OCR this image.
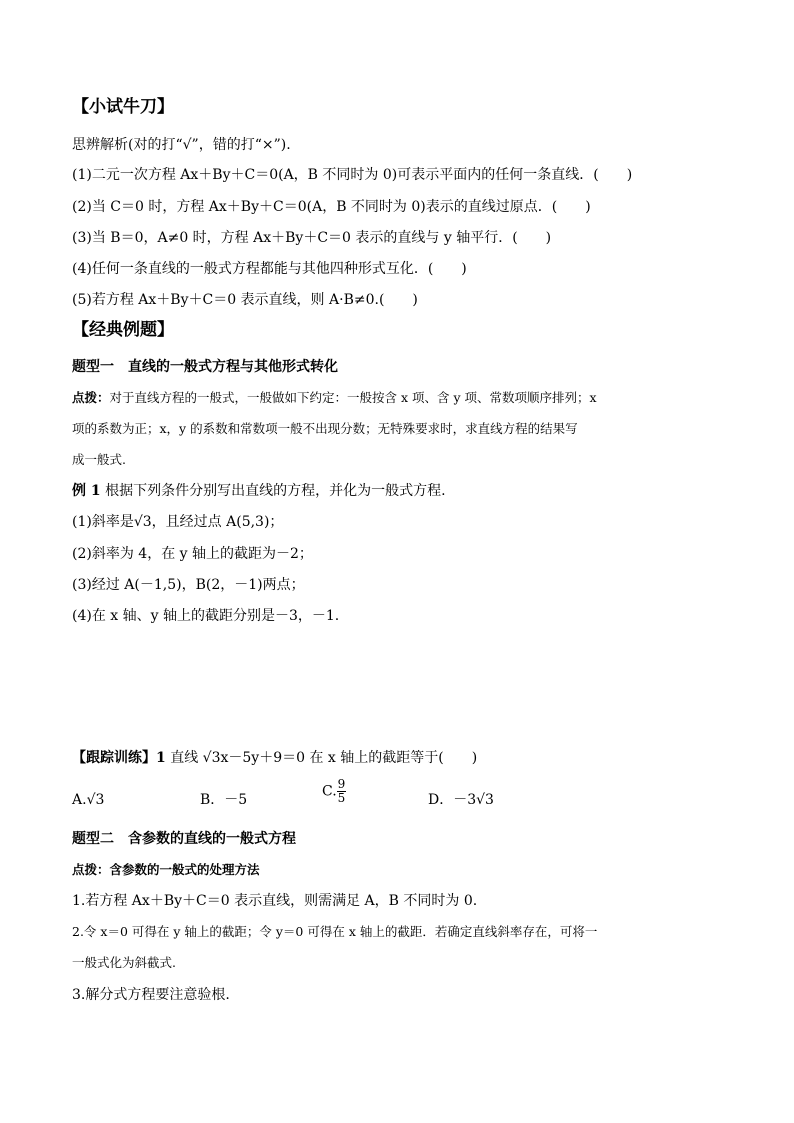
【小试牛刀】
思辨解析(对的打“√”，错的打“×”).
(1)二元一次方程 Ax＋By＋C＝0(A，B 不同时为 0)可表示平面内的任何一条直线．(　　)
(2)当 C＝0 时，方程 Ax＋By＋C＝0(A，B 不同时为 0)表示的直线过原点．(　　)
(3)当 B＝0，A≠0 时，方程 Ax＋By＋C＝0 表示的直线与 y 轴平行．(　　)
(4)任何一条直线的一般式方程都能与其他四种形式互化．(　　)
(5)若方程 Ax＋By＋C＝0 表示直线，则 A·B≠0.(　　)
【经典例题】
题型一　直线的一般式方程与其他形式转化
点拨：对于直线方程的一般式，一般做如下约定：一般按含 x 项、含 y 项、常数项顺序排列；x
项的系数为正；x，y 的系数和常数项一般不出现分数；无特殊要求时，求直线方程的结果写
成一般式.
例 1 根据下列条件分别写出直线的方程，并化为一般式方程.
(1)斜率是√3，且经过点 A(5,3)；
(2)斜率为 4，在 y 轴上的截距为－2；
(3)经过 A(－1,5)，B(2，－1)两点；
(4)在 x 轴、y 轴上的截距分别是－3，－1.
【跟踪训练】1 直线 √3x－5y＋9＝0 在 x 轴上的截距等于(　　)
A.√3	B．－5
C. $\frac{9}{5}$	D．－3√3
题型二　含参数的直线的一般式方程
点拨：含参数的一般式的处理方法
1.若方程 Ax＋By＋C＝0 表示直线，则需满足 A，B 不同时为 0.
2.令 x＝0 可得在 y 轴上的截距；令 y＝0 可得在 x 轴上的截距．若确定直线斜率存在，可将一
一般式化为斜截式.
3.解分式方程要注意验根.
